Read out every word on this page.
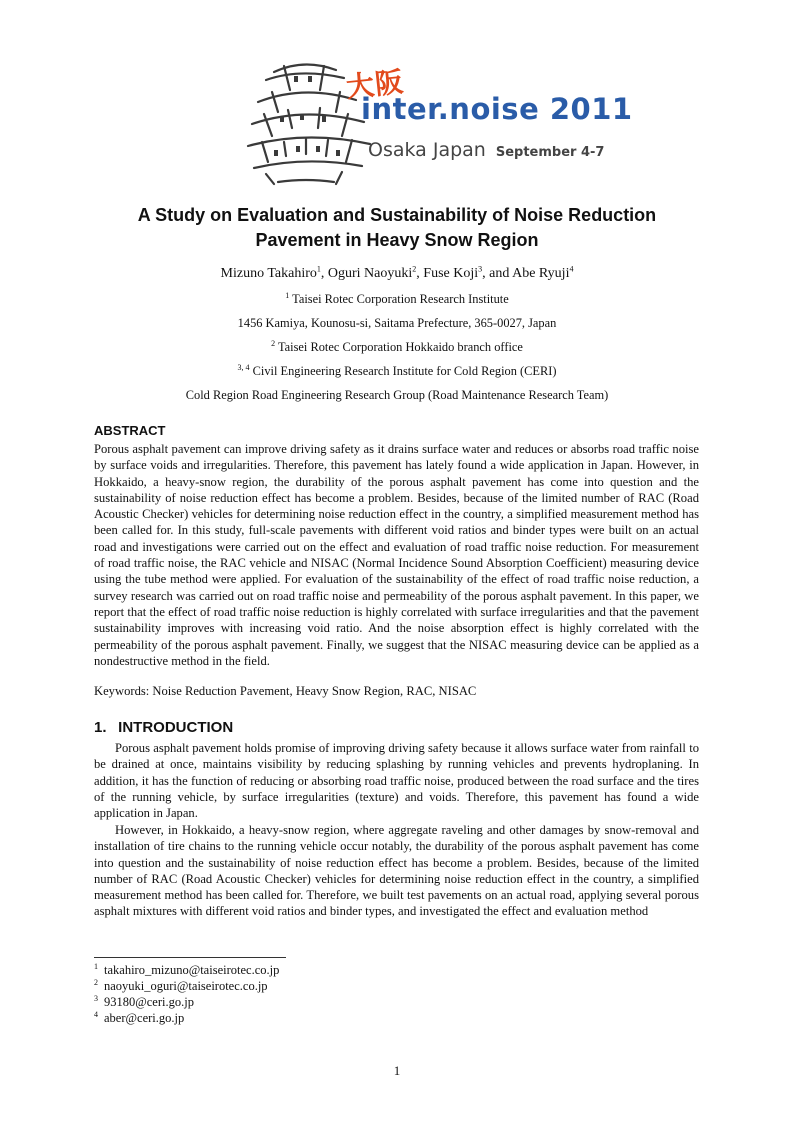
大阪
inter.noise 2011
Osaka Japan September 4-7
A Study on Evaluation and Sustainability of Noise Reduction
Pavement in Heavy Snow Region
Mizuno Takahiro$^1$, Oguri Naoyuki$^2$, Fuse Koji$^3$, and Abe Ryuji$^4$
$^1$ Taisei Rotec Corporation Research Institute
1456 Kamiya, Kounosu-si, Saitama Prefecture, 365-0027, Japan
$^2$ Taisei Rotec Corporation Hokkaido branch office
$^{3, 4}$ Civil Engineering Research Institute for Cold Region (CERI)
Cold Region Road Engineering Research Group (Road Maintenance Research Team)
ABSTRACT
Porous asphalt pavement can improve driving safety as it drains surface water and reduces or absorbs road traffic noise by surface voids and irregularities. Therefore, this pavement has lately found a wide application in Japan. However, in Hokkaido, a heavy-snow region, the durability of the porous asphalt pavement has come into question and the sustainability of noise reduction effect has become a problem. Besides, because of the limited number of RAC (Road Acoustic Checker) vehicles for determining noise reduction effect in the country, a simplified measurement method has been called for. In this study, full-scale pavements with different void ratios and binder types were built on an actual road and investigations were carried out on the effect and evaluation of road traffic noise reduction. For measurement of road traffic noise, the RAC vehicle and NISAC (Normal Incidence Sound Absorption Coefficient) measuring device using the tube method were applied. For evaluation of the sustainability of the effect of road traffic noise reduction, a survey research was carried out on road traffic noise and permeability of the porous asphalt pavement. In this paper, we report that the effect of road traffic noise reduction is highly correlated with surface irregularities and that the pavement sustainability improves with increasing void ratio. And the noise absorption effect is highly correlated with the permeability of the porous asphalt pavement. Finally, we suggest that the NISAC measuring device can be applied as a nondestructive method in the field.
Keywords: Noise Reduction Pavement, Heavy Snow Region, RAC, NISAC
1.  INTRODUCTION
Porous asphalt pavement holds promise of improving driving safety because it allows surface water from rainfall to be drained at once, maintains visibility by reducing splashing by running vehicles and prevents hydroplaning. In addition, it has the function of reducing or absorbing road traffic noise, produced between the road surface and the tires of the running vehicle, by surface irregularities (texture) and voids. Therefore, this pavement has found a wide application in Japan.
However, in Hokkaido, a heavy-snow region, where aggregate raveling and other damages by snow-removal and installation of tire chains to the running vehicle occur notably, the durability of the porous asphalt pavement has come into question and the sustainability of noise reduction effect has become a problem. Besides, because of the limited number of RAC (Road Acoustic Checker) vehicles for determining noise reduction effect in the country, a simplified measurement method has been called for. Therefore, we built test pavements on an actual road, applying several porous asphalt mixtures with different void ratios and binder types, and investigated the effect and evaluation method
$^1$ takahiro_mizuno@taiseirotec.co.jp
$^2$ naoyuki_oguri@taiseirotec.co.jp
$^3$ 93180@ceri.go.jp
$^4$ aber@ceri.go.jp
1
